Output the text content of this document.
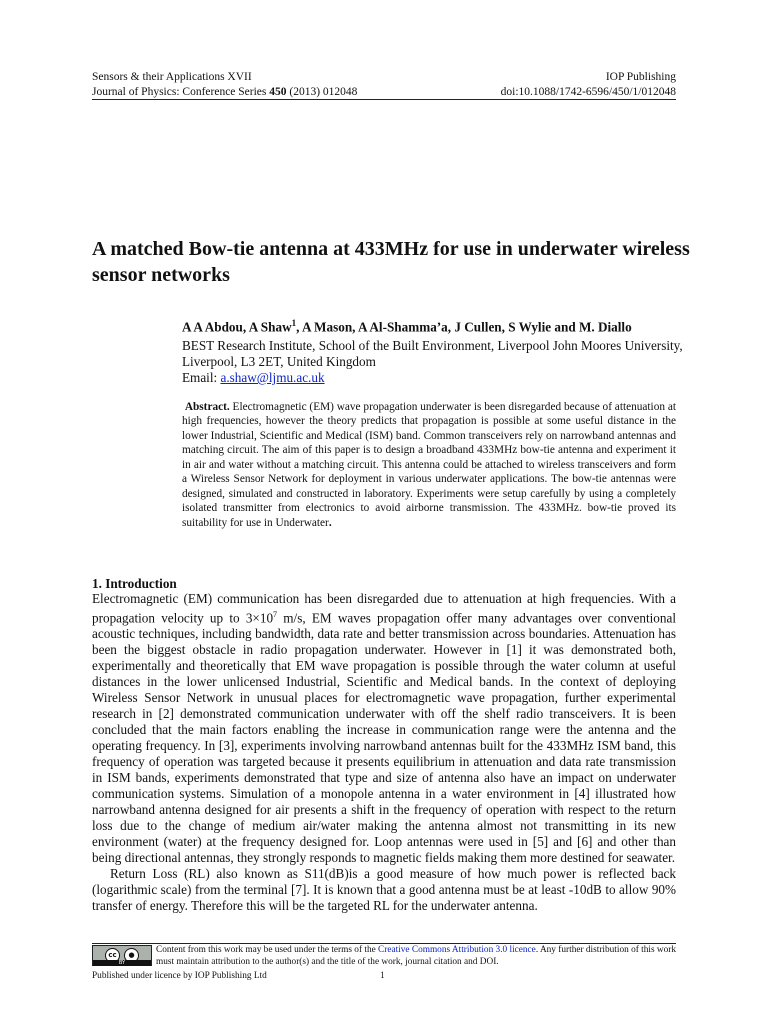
Sensors & their Applications XVII	IOP Publishing
Journal of Physics: Conference Series 450 (2013) 012048	doi:10.1088/1742-6596/450/1/012048
A matched Bow-tie antenna at 433MHz for use in underwater wireless sensor networks
A A Abdou, A Shaw$^1$, A Mason, A Al-Shamma’a, J Cullen, S Wylie and M. Diallo
BEST Research Institute, School of the Built Environment, Liverpool John Moores University, Liverpool, L3 2ET, United Kingdom
Email: a.shaw@ljmu.ac.uk
Abstract. Electromagnetic (EM) wave propagation underwater is been disregarded because of attenuation at high frequencies, however the theory predicts that propagation is possible at some useful distance in the lower Industrial, Scientific and Medical (ISM) band. Common transceivers rely on narrowband antennas and matching circuit. The aim of this paper is to design a broadband 433MHz bow-tie antenna and experiment it in air and water without a matching circuit. This antenna could be attached to wireless transceivers and form a Wireless Sensor Network for deployment in various underwater applications. The bow-tie antennas were designed, simulated and constructed in laboratory. Experiments were setup carefully by using a completely isolated transmitter from electronics to avoid airborne transmission. The 433MHz. bow-tie proved its suitability for use in Underwater.
1. Introduction

Electromagnetic (EM) communication has been disregarded due to attenuation at high frequencies. With a propagation velocity up to $3\times 10^7$ m/s, EM waves propagation offer many advantages over conventional acoustic techniques, including bandwidth, data rate and better transmission across boundaries. Attenuation has been the biggest obstacle in radio propagation underwater. However in [1] it was demonstrated both, experimentally and theoretically that EM wave propagation is possible through the water column at useful distances in the lower unlicensed Industrial, Scientific and Medical bands. In the context of deploying Wireless Sensor Network in unusual places for electromagnetic wave propagation, further experimental research in [2] demonstrated communication underwater with off the shelf radio transceivers. It is been concluded that the main factors enabling the increase in communication range were the antenna and the operating frequency. In [3], experiments involving narrowband antennas built for the 433MHz ISM band, this frequency of operation was targeted because it presents equilibrium in attenuation and data rate transmission in ISM bands, experiments demonstrated that type and size of antenna also have an impact on underwater communication systems. Simulation of a monopole antenna in a water environment in [4] illustrated how narrowband antenna designed for air presents a shift in the frequency of operation with respect to the return loss due to the change of medium air/water making the antenna almost not transmitting in its new environment (water) at the frequency designed for. Loop antennas were used in [5] and [6] and other than being directional antennas, they strongly responds to magnetic fields making them more destined for seawater.

Return Loss (RL) also known as S11(dB)is a good measure of how much power is reflected back (logarithmic scale) from the terminal [7]. It is known that a good antenna must be at least -10dB to allow 90% transfer of energy. Therefore this will be the targeted RL for the underwater antenna.

cc	●
BY
Content from this work may be used under the terms of the Creative Commons Attribution 3.0 licence. Any further distribution of this work must maintain attribution to the author(s) and the title of the work, journal citation and DOI.
Published under licence by IOP Publishing Ltd	1
